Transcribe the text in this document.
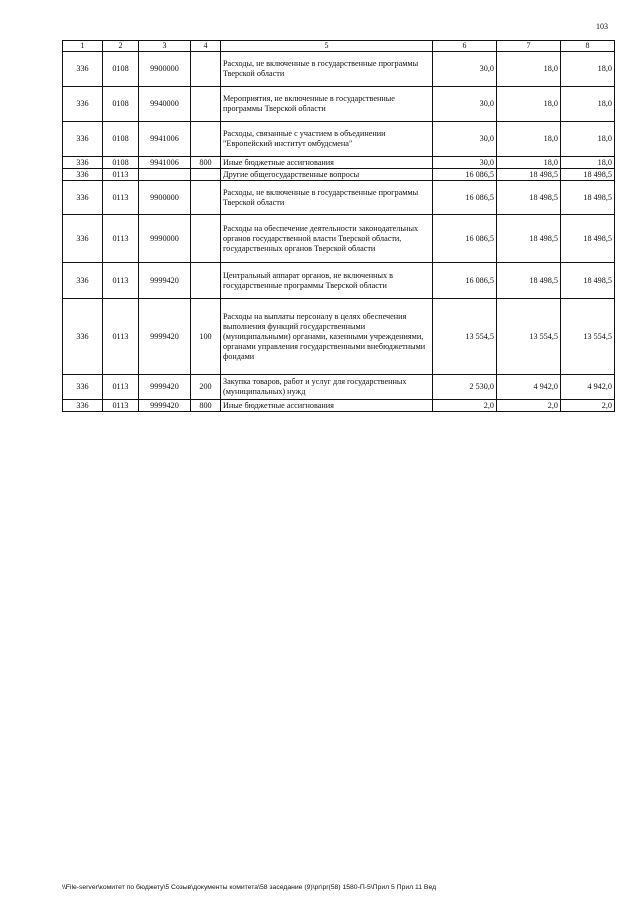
103
1	2	3	4	5	6	7	8
336	0108	9900000		Расходы, не включенные в государственные программы Тверской области	30,0	18,0	18,0
336	0108	9940000		Мероприятия, не включенные в государственные программы Тверской области	30,0	18,0	18,0
336	0108	9941006		Расходы, связанные с участием в объединении "Европейский институт омбудсмена"	30,0	18,0	18,0
336	0108	9941006	800	Иные бюджетные ассигнования	30,0	18,0	18,0
336	0113			Другие общегосударственные вопросы	16 086,5	18 498,5	18 498,5
336	0113	9900000		Расходы, не включенные в государственные программы Тверской области	16 086,5	18 498,5	18 498,5
336	0113	9990000		Расходы на обеспечение деятельности законодательных органов государственной власти Тверской области, государственных органов Тверской области	16 086,5	18 498,5	18 498,5
336	0113	9999420		Центральный аппарат органов, не включенных в государственные программы Тверской области	16 086,5	18 498,5	18 498,5
336	0113	9999420	100	Расходы на выплаты персоналу в целях обеспечения выполнения функций государственными (муниципальными) органами, казенными учреждениями, органами управления государственными внебюджетными фондами	13 554,5	13 554,5	13 554,5
336	0113	9999420	200	Закупка товаров, работ и услуг для государственных (муниципальных) нужд	2 530,0	4 942,0	4 942,0
336	0113	9999420	800	Иные бюджетные ассигнования	2,0	2,0	2,0
\\File-server\комитет по бюджету\5 Созыв\документы комитета\58 заседание (9)\pr\pr(58) 1580-П-5\Прил 5 Прил 11 Вед
